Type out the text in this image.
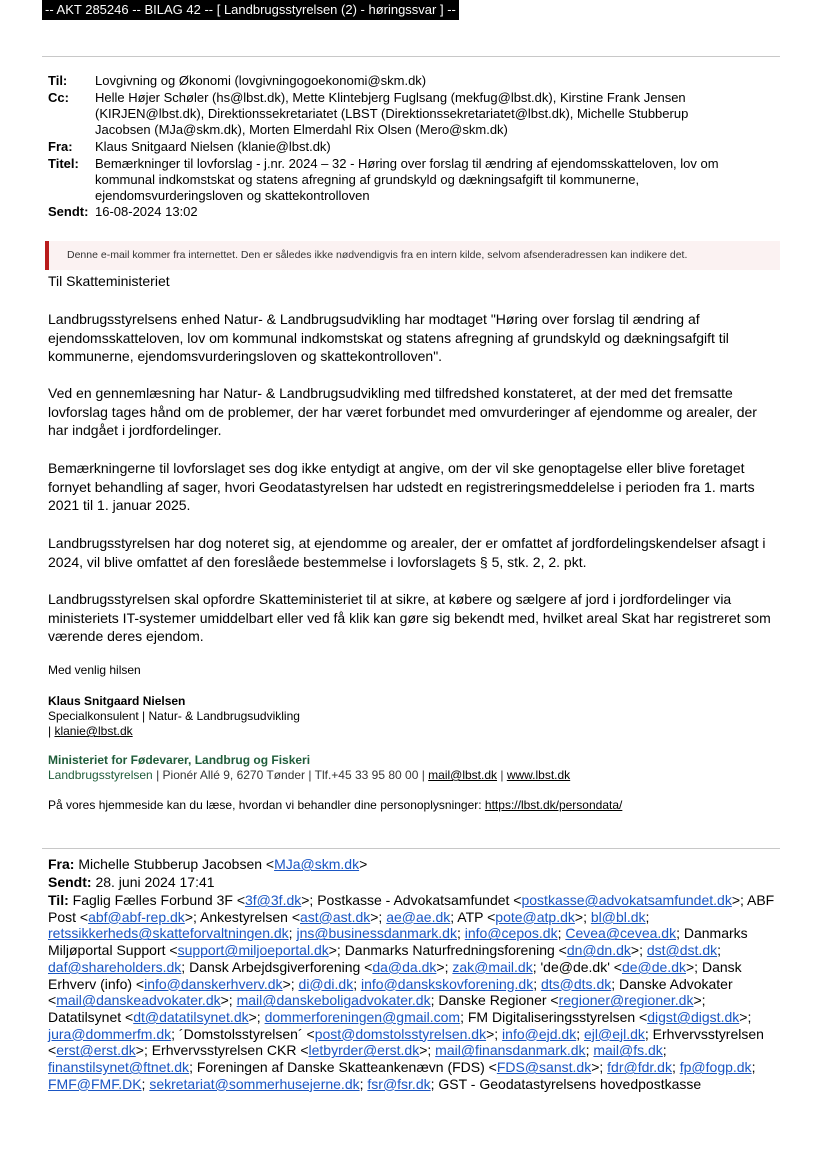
-- AKT 285246 -- BILAG 42 -- [ Landbrugsstyrelsen (2) - høringssvar ] --
Til: Lovgivning og Økonomi (lovgivningogoekonomi@skm.dk)
Cc: Helle Højer Schøler (hs@lbst.dk), Mette Klintebjerg Fuglsang (mekfug@lbst.dk), Kirstine Frank Jensen
(KIRJEN@lbst.dk), Direktionssekretariatet (LBST (Direktionssekretariatet@lbst.dk), Michelle Stubberup
Jacobsen (MJa@skm.dk), Morten Elmerdahl Rix Olsen (Mero@skm.dk)
Fra: Klaus Snitgaard Nielsen (klanie@lbst.dk)
Titel: Bemærkninger til lovforslag - j.nr. 2024 – 32 - Høring over forslag til ændring af ejendomsskatteloven, lov om
kommunal indkomstskat og statens afregning af grundskyld og dækningsafgift til kommunerne,
ejendomsvurderingsloven og skattekontrolloven
Sendt: 16-08-2024 13:02
Denne e-mail kommer fra internettet. Den er således ikke nødvendigvis fra en intern kilde, selvom afsenderadressen kan indikere det.
Til Skatteministeriet
Landbrugsstyrelsens enhed Natur- & Landbrugsudvikling har modtaget "Høring over forslag til ændring af
ejendomsskatteloven, lov om kommunal indkomstskat og statens afregning af grundskyld og dækningsafgift til
kommunerne, ejendomsvurderingsloven og skattekontrolloven".
Ved en gennemlæsning har Natur- & Landbrugsudvikling med tilfredshed konstateret, at der med det fremsatte
lovforslag tages hånd om de problemer, der har været forbundet med omvurderinger af ejendomme og arealer, der
har indgået i jordfordelinger.
Bemærkningerne til lovforslaget ses dog ikke entydigt at angive, om der vil ske genoptagelse eller blive foretaget
fornyet behandling af sager, hvori Geodatastyrelsen har udstedt en registreringsmeddelelse i perioden fra 1. marts
2021 til 1. januar 2025.
Landbrugsstyrelsen har dog noteret sig, at ejendomme og arealer, der er omfattet af jordfordelingskendelser afsagt i
2024, vil blive omfattet af den foreslåede bestemmelse i lovforslagets § 5, stk. 2, 2. pkt.
Landbrugsstyrelsen skal opfordre Skatteministeriet til at sikre, at købere og sælgere af jord i jordfordelinger via
ministeriets IT-systemer umiddelbart eller ved få klik kan gøre sig bekendt med, hvilket areal Skat har registreret som
værende deres ejendom.
Med venlig hilsen
Klaus Snitgaard Nielsen
Specialkonsulent | Natur- & Landbrugsudvikling
| klanie@lbst.dk
Ministeriet for Fødevarer, Landbrug og Fiskeri
Landbrugsstyrelsen | Pionér Allé 9, 6270 Tønder | Tlf.+45 33 95 80 00 | mail@lbst.dk | www.lbst.dk
På vores hjemmeside kan du læse, hvordan vi behandler dine personoplysninger: https://lbst.dk/persondata/
Fra: Michelle Stubberup Jacobsen <MJa@skm.dk>
Sendt: 28. juni 2024 17:41
Til: Faglig Fælles Forbund 3F <3f@3f.dk>; Postkasse - Advokatsamfundet <postkasse@advokatsamfundet.dk>; ABF
Post <abf@abf-rep.dk>; Ankestyrelsen <ast@ast.dk>; ae@ae.dk; ATP <pote@atp.dk>; bl@bl.dk;
retssikkerheds@skatteforvaltningen.dk; jns@businessdanmark.dk; info@cepos.dk; Cevea@cevea.dk; Danmarks
Miljøportal Support <support@miljoeportal.dk>; Danmarks Naturfredningsforening <dn@dn.dk>; dst@dst.dk;
daf@shareholders.dk; Dansk Arbejdsgiverforening <da@da.dk>; zak@mail.dk; 'de@de.dk' <de@de.dk>; Dansk
Erhverv (info) <info@danskerhverv.dk>; di@di.dk; info@danskskovforening.dk; dts@dts.dk; Danske Advokater
<mail@danskeadvokater.dk>; mail@danskeboligadvokater.dk; Danske Regioner <regioner@regioner.dk>;
Datatilsynet <dt@datatilsynet.dk>; dommerforeningen@gmail.com; FM Digitaliseringsstyrelsen <digst@digst.dk>;
jura@dommerfm.dk; ´Domstolsstyrelsen´ <post@domstolsstyrelsen.dk>; info@ejd.dk; ejl@ejl.dk; Erhvervsstyrelsen
<erst@erst.dk>; Erhvervsstyrelsen CKR <letbyrder@erst.dk>; mail@finansdanmark.dk; mail@fs.dk;
finanstilsynet@ftnet.dk; Foreningen af Danske Skatteankenævn (FDS) <FDS@sanst.dk>; fdr@fdr.dk; fp@fogp.dk;
FMF@FMF.DK; sekretariat@sommerhusejerne.dk; fsr@fsr.dk; GST - Geodatastyrelsens hovedpostkasse
